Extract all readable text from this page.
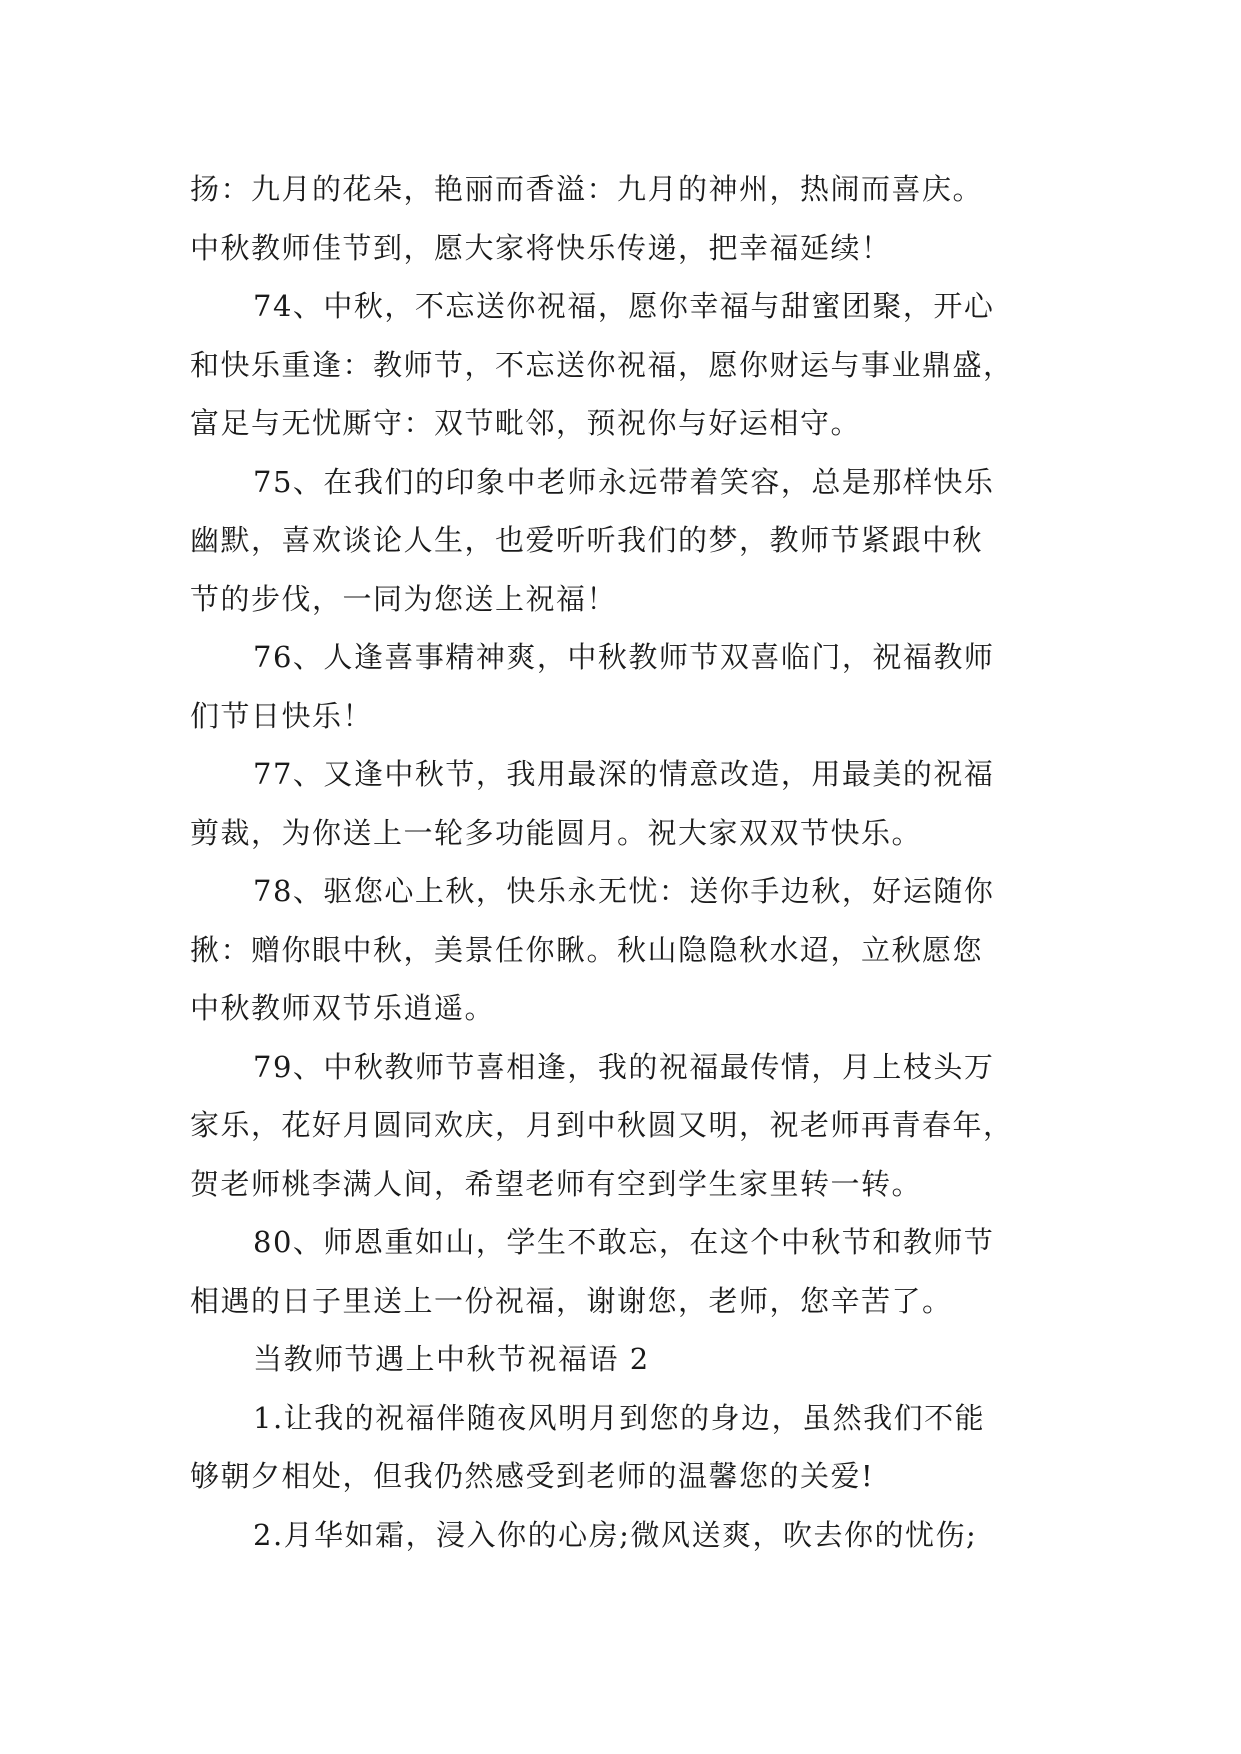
扬：九月的花朵，艳丽而香溢：九月的神州，热闹而喜庆。
中秋教师佳节到，愿大家将快乐传递，把幸福延续！
74、中秋，不忘送你祝福，愿你幸福与甜蜜团聚，开心
和快乐重逢：教师节，不忘送你祝福，愿你财运与事业鼎盛，
富足与无忧厮守：双节毗邻，预祝你与好运相守。
75、在我们的印象中老师永远带着笑容，总是那样快乐
幽默，喜欢谈论人生，也爱听听我们的梦，教师节紧跟中秋
节的步伐，一同为您送上祝福！
76、人逢喜事精神爽，中秋教师节双喜临门，祝福教师
们节日快乐！
77、又逢中秋节，我用最深的情意改造，用最美的祝福
剪裁，为你送上一轮多功能圆月。祝大家双双节快乐。
78、驱您心上秋，快乐永无忧：送你手边秋，好运随你
揪：赠你眼中秋，美景任你瞅。秋山隐隐秋水迢，立秋愿您
中秋教师双节乐逍遥。
79、中秋教师节喜相逢，我的祝福最传情，月上枝头万
家乐，花好月圆同欢庆，月到中秋圆又明，祝老师再青春年，
贺老师桃李满人间，希望老师有空到学生家里转一转。
80、师恩重如山，学生不敢忘，在这个中秋节和教师节
相遇的日子里送上一份祝福，谢谢您，老师，您辛苦了。
当教师节遇上中秋节祝福语 2
1.让我的祝福伴随夜风明月到您的身边，虽然我们不能
够朝夕相处，但我仍然感受到老师的温馨您的关爱!
2.月华如霜，浸入你的心房;微风送爽，吹去你的忧伤;
